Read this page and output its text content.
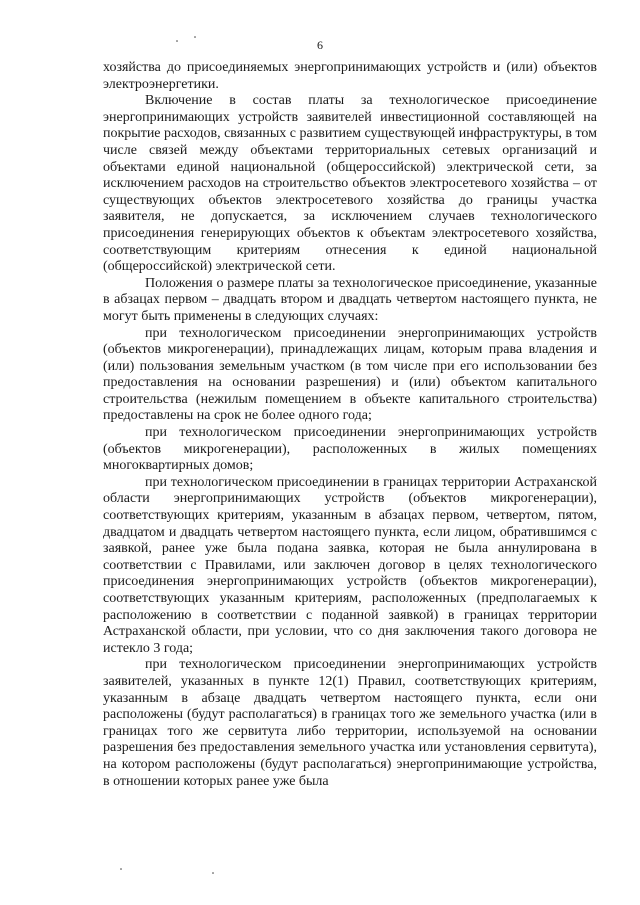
6

хозяйства до присоединяемых энергопринимающих устройств и (или) объектов электроэнергетики.

Включение в состав платы за технологическое присоединение энергопринимающих устройств заявителей инвестиционной составляющей на покрытие расходов, связанных с развитием существующей инфраструктуры, в том числе связей между объектами территориальных сетевых организаций и объектами единой национальной (общероссийской) электрической сети, за исключением расходов на строительство объектов электросетевого хозяйства – от существующих объектов электросетевого хозяйства до границы участка заявителя, не допускается, за исключением случаев технологического присоединения генерирующих объектов к объектам электросетевого хозяйства, соответствующим критериям отнесения к единой национальной (общероссийской) электрической сети.

Положения о размере платы за технологическое присоединение, указанные в абзацах первом – двадцать втором и двадцать четвертом настоящего пункта, не могут быть применены в следующих случаях:

при технологическом присоединении энергопринимающих устройств (объектов микрогенерации), принадлежащих лицам, которым права владения и (или) пользования земельным участком (в том числе при его использовании без предоставления на основании разрешения) и (или) объектом капитального строительства (нежилым помещением в объекте капитального строительства) предоставлены на срок не более одного года;

при технологическом присоединении энергопринимающих устройств (объектов микрогенерации), расположенных в жилых помещениях многоквартирных домов;

при технологическом присоединении в границах территории Астраханской области энергопринимающих устройств (объектов микрогенерации), соответствующих критериям, указанным в абзацах первом, четвертом, пятом, двадцатом и двадцать четвертом настоящего пункта, если лицом, обратившимся с заявкой, ранее уже была подана заявка, которая не была аннулирована в соответствии с Правилами, или заключен договор в целях технологического присоединения энергопринимающих устройств (объектов микрогенерации), соответствующих указанным критериям, расположенных (предполагаемых к расположению в соответствии с поданной заявкой) в границах территории Астраханской области, при условии, что со дня заключения такого договора не истекло 3 года;

при технологическом присоединении энергопринимающих устройств заявителей, указанных в пункте 12(1) Правил, соответствующих критериям, указанным в абзаце двадцать четвертом настоящего пункта, если они расположены (будут располагаться) в границах того же земельного участка (или в границах того же сервитута либо территории, используемой на основании разрешения без предоставления земельного участка или установления сервитута), на котором расположены (будут располагаться) энергопринимающие устройства, в отношении которых ранее уже была
